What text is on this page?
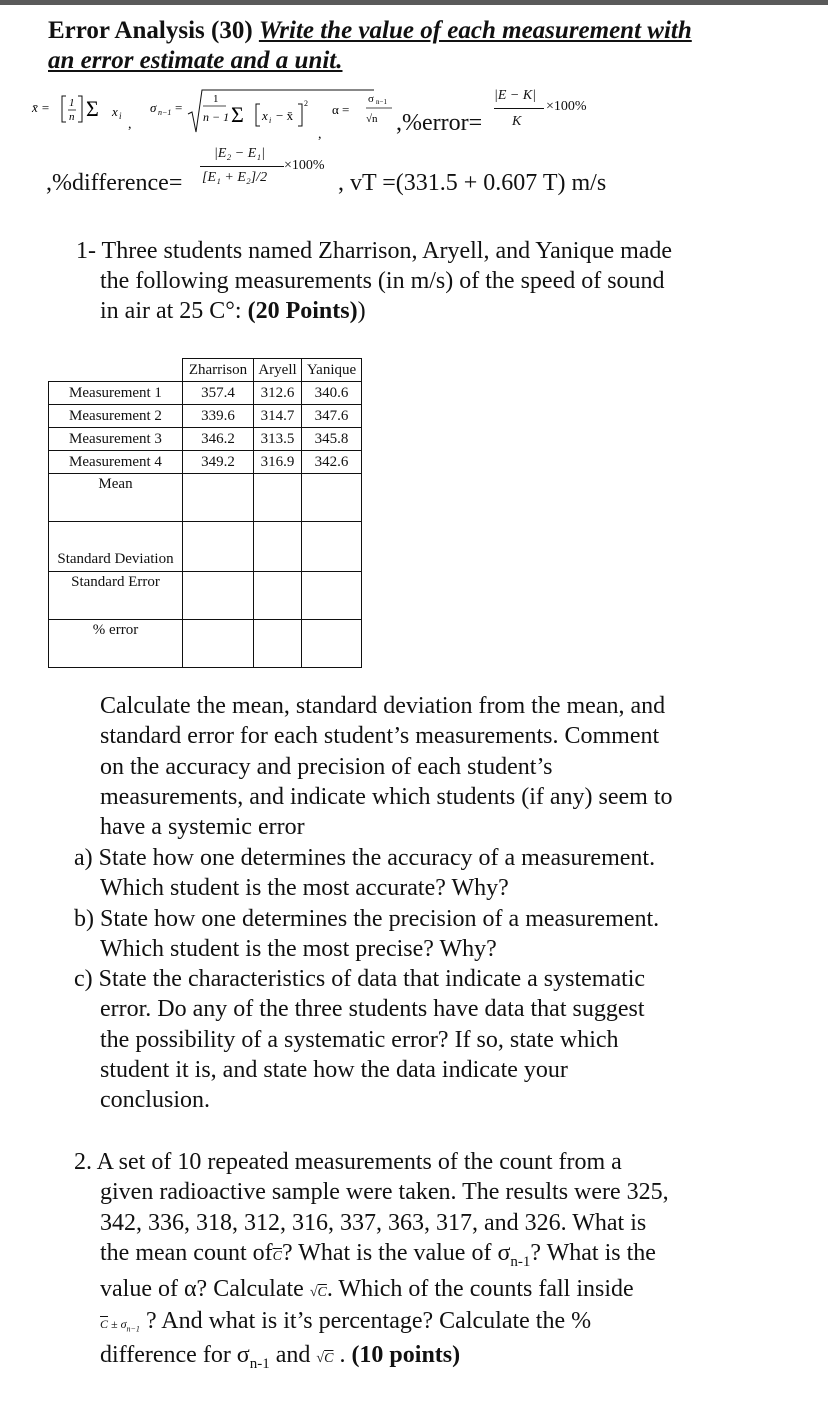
Error Analysis (30) Write the value of each measurement with
an error estimate and a unit.
x̄ = 1
n Σ x i
,
σ n−1 =
1
n − 1 Σ x i − x̄
2
,
α =
σ n−1
√n ,%error=
|E − K|
K
×100%
|E₂ − E₁|
[E₁ + E₂]/2
×100%
,%difference=	, vT =(331.5 + 0.607 T) m/s
1- Three students named Zharrison, Aryell, and Yanique made
the following measurements (in m/s) of the speed of sound
in air at 25 C°: (20 Points))
	Zharrison	Aryell	Yanique
Measurement 1	357.4	312.6	340.6
Measurement 2	339.6	314.7	347.6
Measurement 3	346.2	313.5	345.8
Measurement 4	349.2	316.9	342.6
Mean			
Standard Deviation			
Standard Error			
% error			
Calculate the mean, standard deviation from the mean, and
standard error for each student’s measurements. Comment
on the accuracy and precision of each student’s
measurements, and indicate which students (if any) seem to
have a systemic error
a) State how one determines the accuracy of a measurement.
Which student is the most accurate? Why?
b) State how one determines the precision of a measurement.
Which student is the most precise? Why?
c) State the characteristics of data that indicate a systematic
error. Do any of the three students have data that suggest
the possibility of a systematic error? If so, state which
student it is, and state how the data indicate your
conclusion.
2. A set of 10 repeated measurements of the count from a
given radioactive sample were taken. The results were 325,
342, 336, 318, 312, 316, 337, 363, 317, and 326. What is
the mean count $of\overline{C}$? What is the value of $\sigma_{n-1}$? What is the
value of α? Calculate √C. Which of the counts fall inside
$\overline{C} \pm \sigma_{n-1}$ ? And what is it’s percentage? Calculate the %
difference for $\sigma_{n-1}$ and √C . (10 points)
